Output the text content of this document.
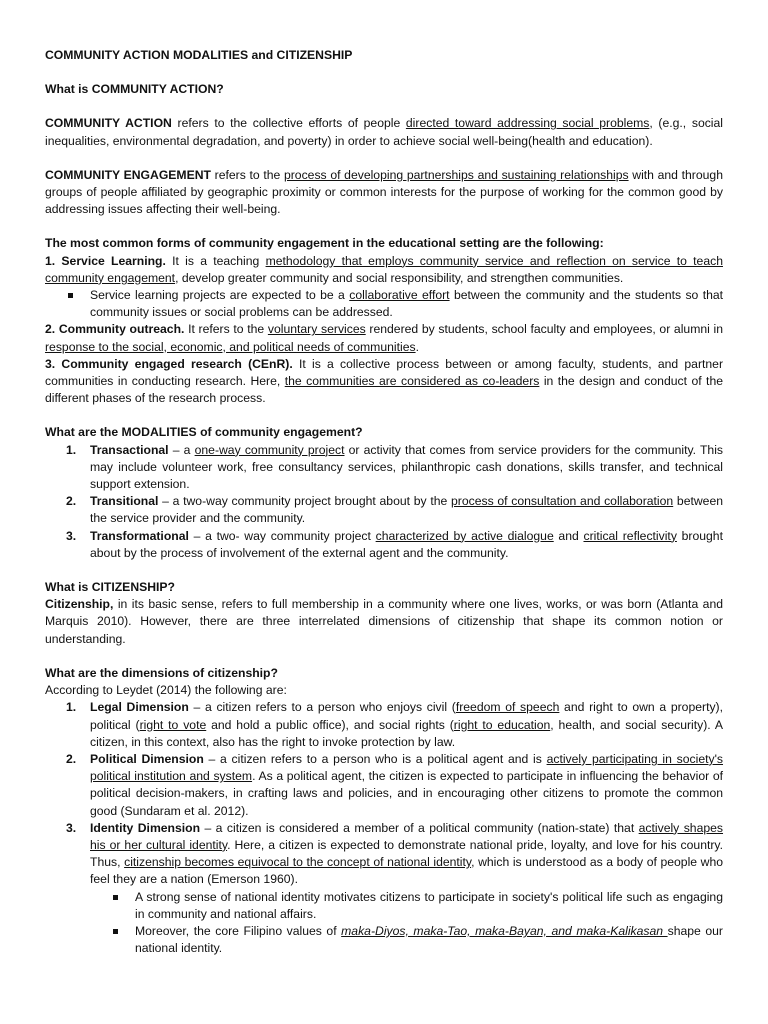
COMMUNITY ACTION MODALITIES and CITIZENSHIP

What is COMMUNITY ACTION?

COMMUNITY ACTION refers to the collective efforts of people directed toward addressing social problems, (e.g., social inequalities, environmental degradation, and poverty) in order to achieve social well-being(health and education).

COMMUNITY ENGAGEMENT refers to the process of developing partnerships and sustaining relationships with and through groups of people affiliated by geographic proximity or common interests for the purpose of working for the common good by addressing issues affecting their well-being.

The most common forms of community engagement in the educational setting are the following:

1. Service Learning. It is a teaching methodology that employs community service and reflection on service to teach community engagement, develop greater community and social responsibility, and strengthen communities.

Service learning projects are expected to be a collaborative effort between the community and the students so that community issues or social problems can be addressed.

2. Community outreach. It refers to the voluntary services rendered by students, school faculty and employees, or alumni in response to the social, economic, and political needs of communities.

3. Community engaged research (CEnR). It is a collective process between or among faculty, students, and partner communities in conducting research. Here, the communities are considered as co-leaders in the design and conduct of the different phases of the research process.

What are the MODALITIES of community engagement?

1. Transactional – a one-way community project or activity that comes from service providers for the community. This may include volunteer work, free consultancy services, philanthropic cash donations, skills transfer, and technical support extension.
2. Transitional – a two-way community project brought about by the process of consultation and collaboration between the service provider and the community.
3. Transformational – a two- way community project characterized by active dialogue and critical reflectivity brought about by the process of involvement of the external agent and the community.

What is CITIZENSHIP?

Citizenship, in its basic sense, refers to full membership in a community where one lives, works, or was born (Atlanta and Marquis 2010). However, there are three interrelated dimensions of citizenship that shape its common notion or understanding.

What are the dimensions of citizenship?

According to Leydet (2014) the following are:

1. Legal Dimension – a citizen refers to a person who enjoys civil (freedom of speech and right to own a property), political (right to vote and hold a public office), and social rights (right to education, health, and social security). A citizen, in this context, also has the right to invoke protection by law.
2. Political Dimension – a citizen refers to a person who is a political agent and is actively participating in society's political institution and system. As a political agent, the citizen is expected to participate in influencing the behavior of political decision-makers, in crafting laws and policies, and in encouraging other citizens to promote the common good (Sundaram et al. 2012).
3. Identity Dimension – a citizen is considered a member of a political community (nation-state) that actively shapes his or her cultural identity. Here, a citizen is expected to demonstrate national pride, loyalty, and love for his country. Thus, citizenship becomes equivocal to the concept of national identity, which is understood as a body of people who feel they are a nation (Emerson 1960).
A strong sense of national identity motivates citizens to participate in society's political life such as engaging in community and national affairs.
Moreover, the core Filipino values of maka-Diyos, maka-Tao, maka-Bayan, and maka-Kalikasan shape our national identity.
